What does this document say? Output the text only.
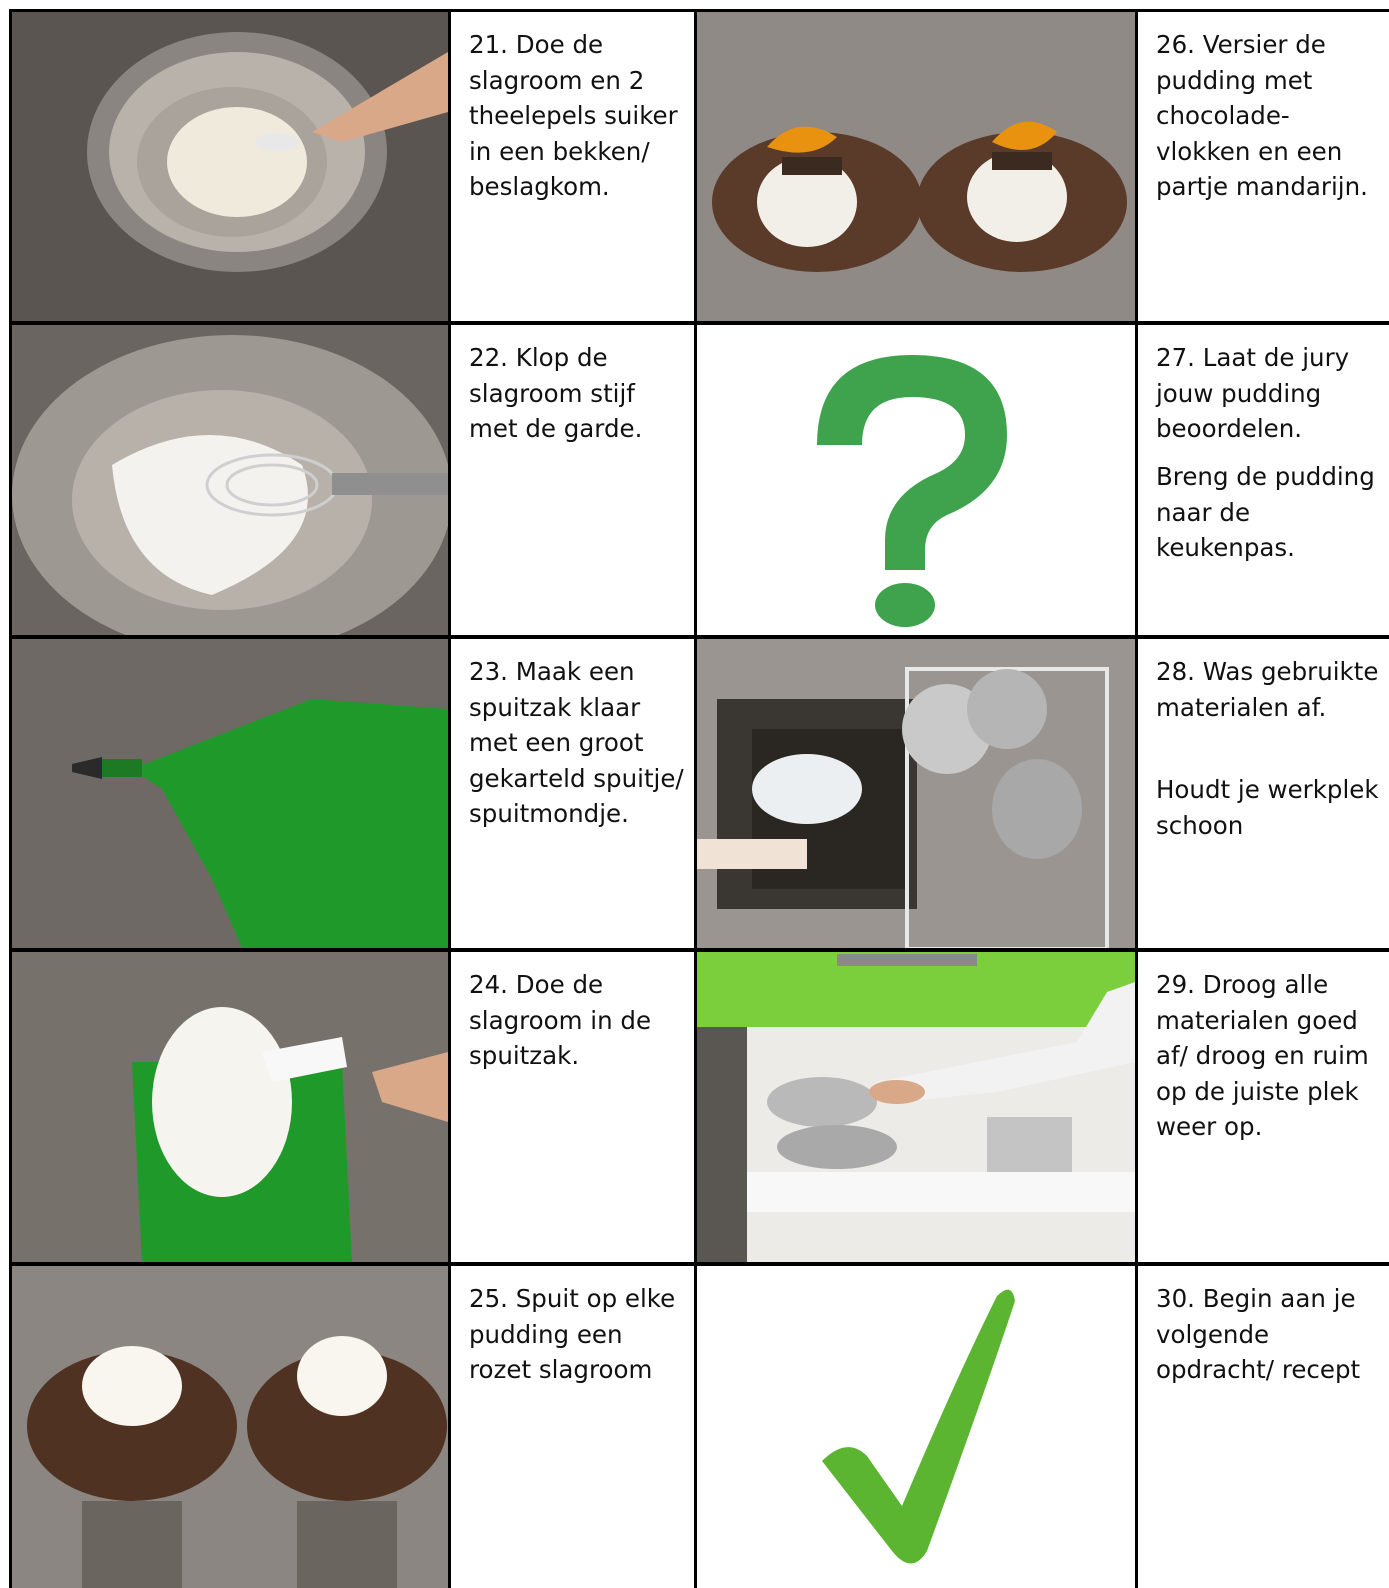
21. Doe de slagroom en 2 theelepels suiker in een bekken/ beslagkom.

26. Versier de pudding met chocolade-vlokken en een partje mandarijn.

22. Klop de slagroom stijf met de garde.

27. Laat de jury jouw pudding beoordelen.

Breng de pudding naar de keukenpas.

23. Maak een spuitzak klaar met een groot gekarteld spuitje/ spuitmondje.

28. Was gebruikte materialen af.

Houdt je werkplek schoon

24. Doe de slagroom in de spuitzak.

29. Droog alle materialen goed af/ droog en ruim op de juiste plek weer op.

25. Spuit op elke pudding een rozet slagroom

30. Begin aan je volgende opdracht/ recept
